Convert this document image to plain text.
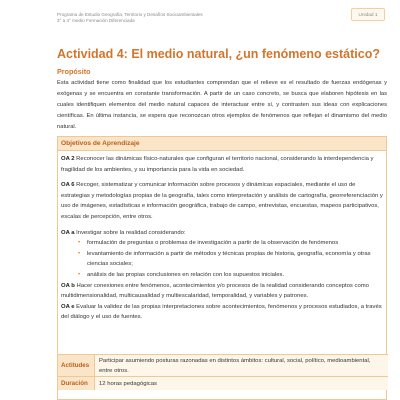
Programa de Estudio Geografía, Territorio y Desafíos Socioambientales
3° a 4° medio Formación Diferenciada
Unidad 1
Actividad 4: El medio natural, ¿un fenómeno estático?
Propósito
Esta actividad tiene como finalidad que los estudiantes comprendan que el relieve es el resultado de fuerzas endógenas y exógenas y se encuentra en constante transformación. A partir de un caso concreto, se busca que elaboren hipótesis en las cuales identifiquen elementos del medio natural capaces de interactuar entre sí, y contrasten sus ideas con explicaciones científicas. En última instancia, se espera que reconozcan otros ejemplos de fenómenos que reflejan el dinamismo del medio natural.
Objetivos de Aprendizaje

OA 2 Reconocer las dinámicas físico-naturales que configuran el territorio nacional, considerando la interdependencia y fragilidad de los ambientes, y su importancia para la vida en sociedad.

OA 6 Recoger, sistematizar y comunicar información sobre procesos y dinámicas espaciales, mediante el uso de estrategias y metodologías propias de la geografía, tales como interpretación y análisis de cartografía, georreferenciación y uso de imágenes, estadísticas e información geográfica, trabajo de campo, entrevistas, encuestas, mapeos participativos, escalas de percepción, entre otros.

OA a Investigar sobre la realidad considerando:

• formulación de preguntas o problemas de investigación a partir de la observación de fenómenos
• levantamiento de información a partir de métodos y técnicas propias de historia, geografía, economía y otras ciencias sociales;
• análisis de las propias conclusiones en relación con los supuestos iniciales.

OA b Hacer conexiones entre fenómenos, acontecimientos y/o procesos de la realidad considerando conceptos como multidimensionalidad, multicausalidad y multiescalaridad, temporalidad, y variables y patrones.

OA e Evaluar la validez de las propias interpretaciones sobre acontecimientos, fenómenos y procesos estudiados, a través del diálogo y el uso de fuentes.

Actitudes
Participar asumiendo posturas razonadas en distintos ámbitos: cultural, social, político, medioambiental, entre otros.
Duración	12 horas pedagógicas
